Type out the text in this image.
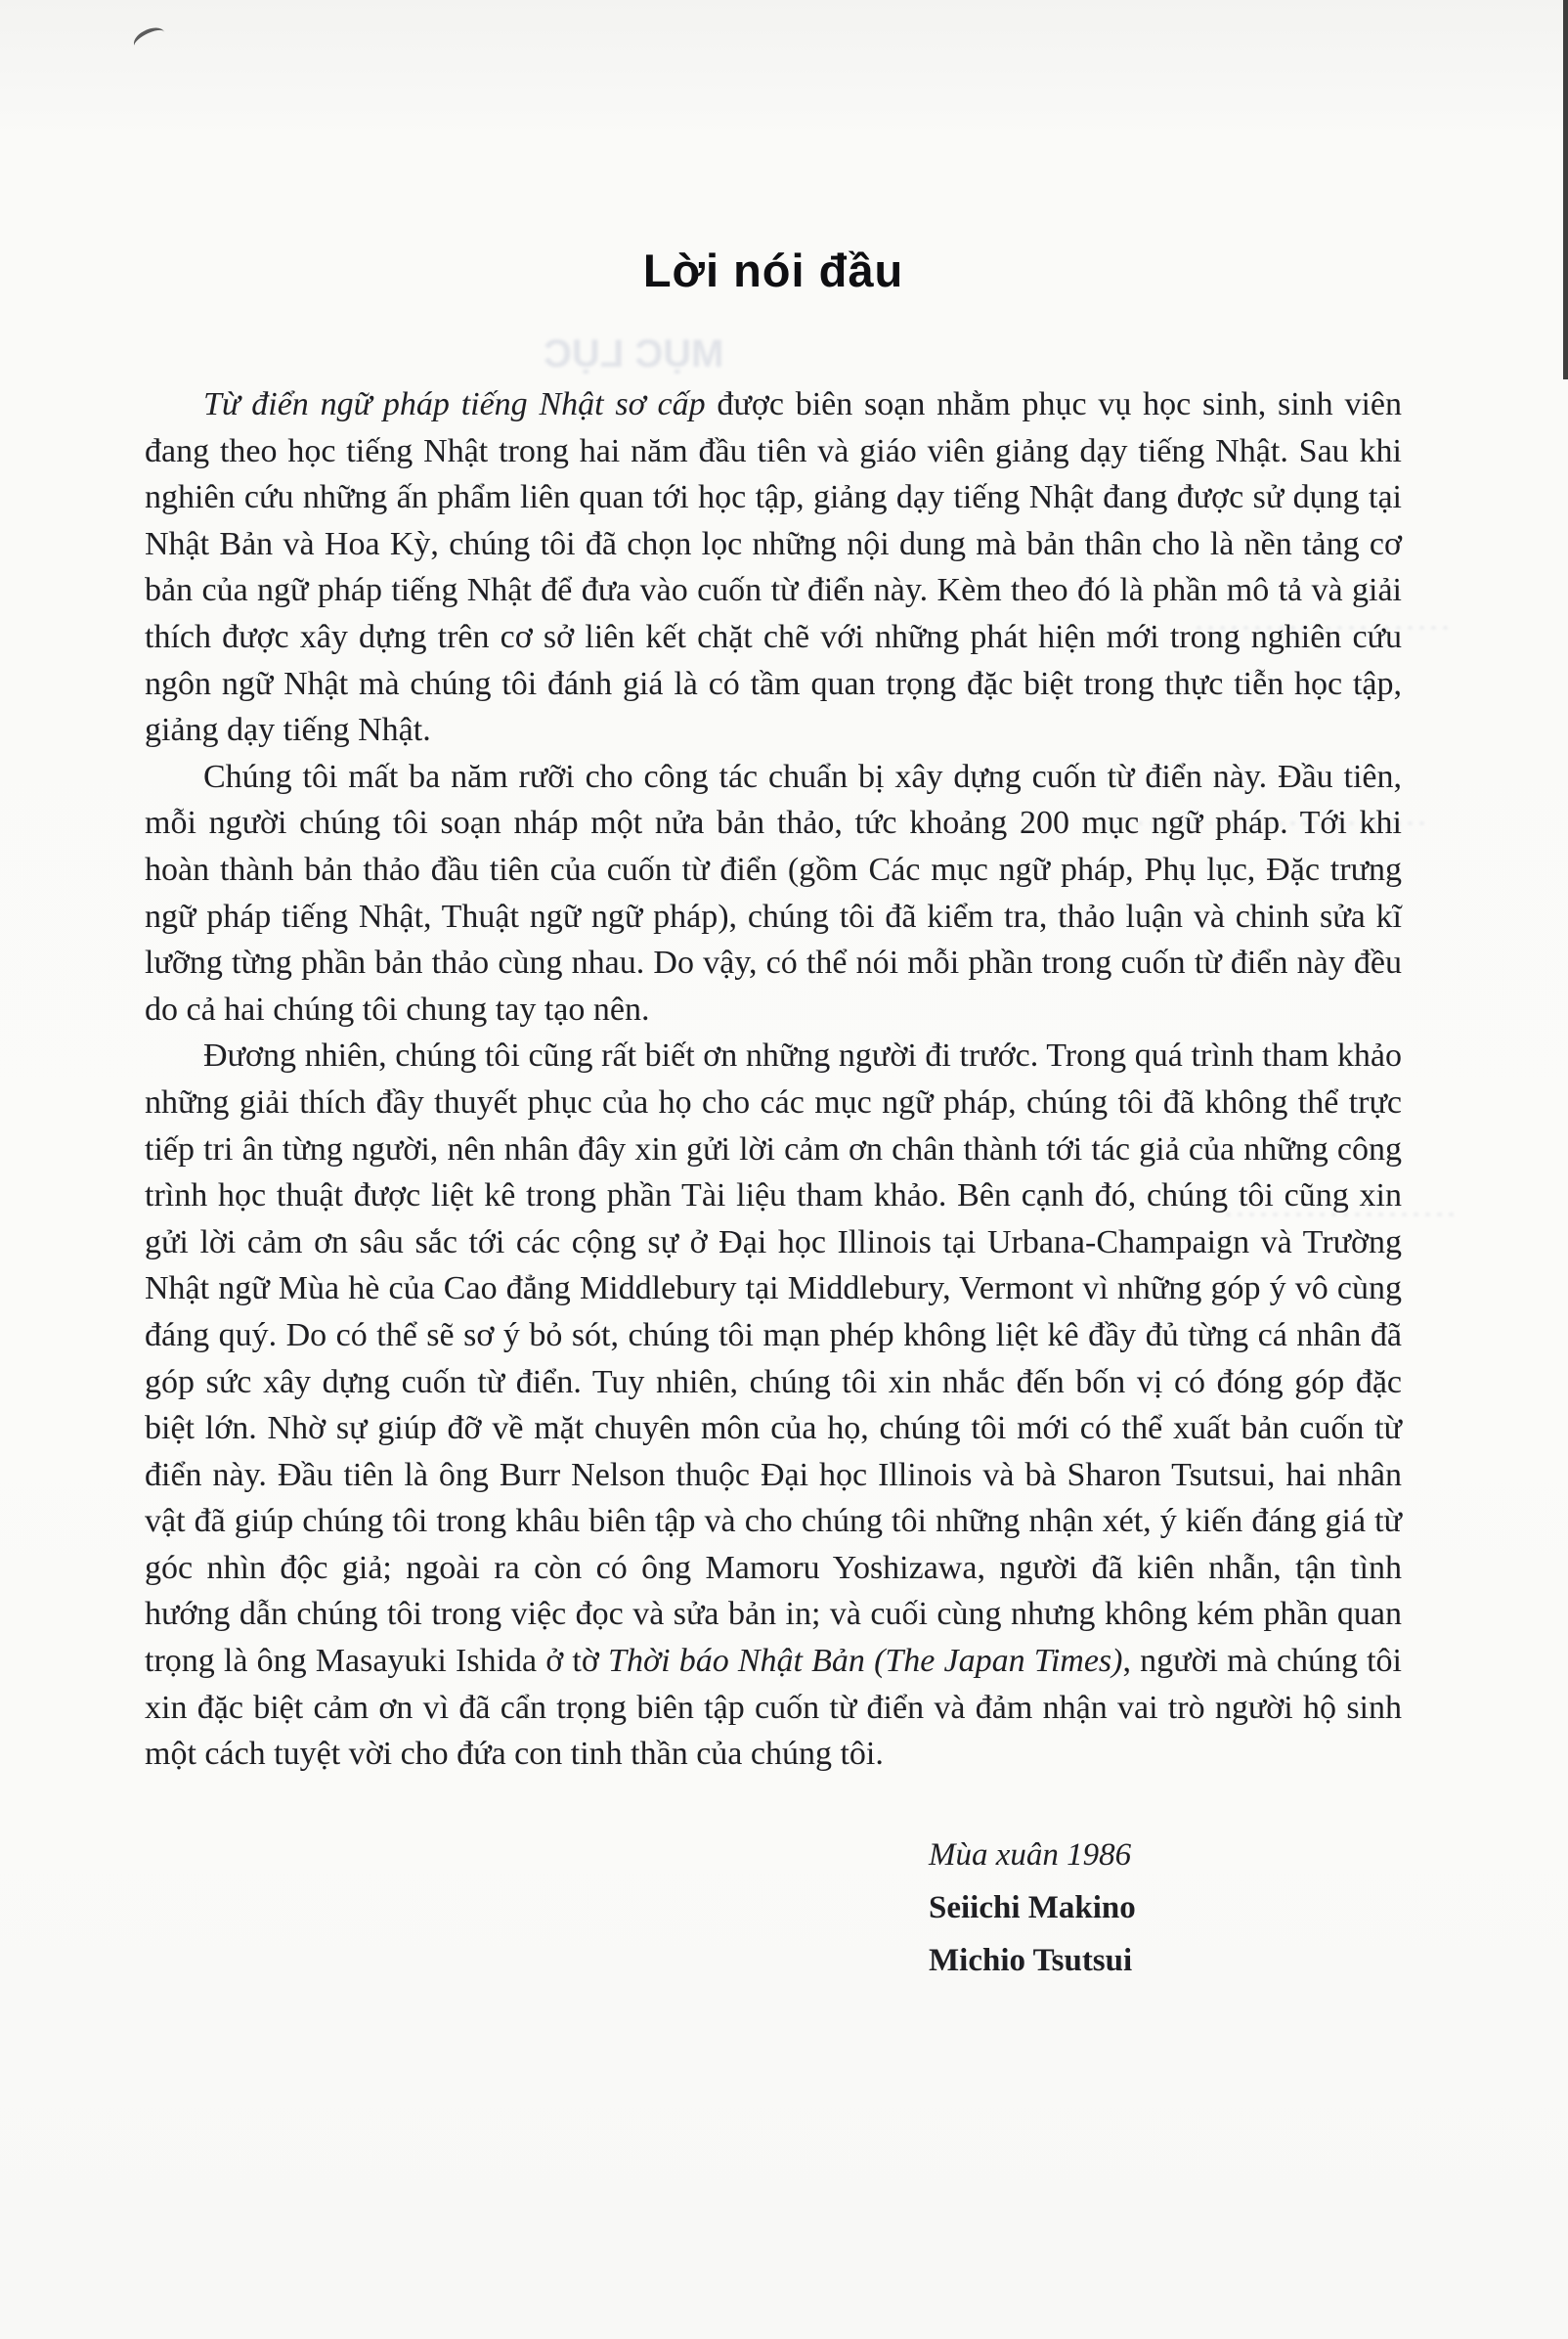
MỤC LỤC
Lời nói đầu

Từ điển ngữ pháp tiếng Nhật sơ cấp được biên soạn nhằm phục vụ học sinh, sinh viên đang theo học tiếng Nhật trong hai năm đầu tiên và giáo viên giảng dạy tiếng Nhật. Sau khi nghiên cứu những ấn phẩm liên quan tới học tập, giảng dạy tiếng Nhật đang được sử dụng tại Nhật Bản và Hoa Kỳ, chúng tôi đã chọn lọc những nội dung mà bản thân cho là nền tảng cơ bản của ngữ pháp tiếng Nhật để đưa vào cuốn từ điển này. Kèm theo đó là phần mô tả và giải thích được xây dựng trên cơ sở liên kết chặt chẽ với những phát hiện mới trong nghiên cứu ngôn ngữ Nhật mà chúng tôi đánh giá là có tầm quan trọng đặc biệt trong thực tiễn học tập, giảng dạy tiếng Nhật.

Chúng tôi mất ba năm rưỡi cho công tác chuẩn bị xây dựng cuốn từ điển này. Đầu tiên, mỗi người chúng tôi soạn nháp một nửa bản thảo, tức khoảng 200 mục ngữ pháp. Tới khi hoàn thành bản thảo đầu tiên của cuốn từ điển (gồm Các mục ngữ pháp, Phụ lục, Đặc trưng ngữ pháp tiếng Nhật, Thuật ngữ ngữ pháp), chúng tôi đã kiểm tra, thảo luận và chinh sửa kĩ lưỡng từng phần bản thảo cùng nhau. Do vậy, có thể nói mỗi phần trong cuốn từ điển này đều do cả hai chúng tôi chung tay tạo nên.

Đương nhiên, chúng tôi cũng rất biết ơn những người đi trước. Trong quá trình tham khảo những giải thích đầy thuyết phục của họ cho các mục ngữ pháp, chúng tôi đã không thể trực tiếp tri ân từng người, nên nhân đây xin gửi lời cảm ơn chân thành tới tác giả của những công trình học thuật được liệt kê trong phần Tài liệu tham khảo. Bên cạnh đó, chúng tôi cũng xin gửi lời cảm ơn sâu sắc tới các cộng sự ở Đại học Illinois tại Urbana-Champaign và Trường Nhật ngữ Mùa hè của Cao đẳng Middlebury tại Middlebury, Vermont vì những góp ý vô cùng đáng quý. Do có thể sẽ sơ ý bỏ sót, chúng tôi mạn phép không liệt kê đầy đủ từng cá nhân đã góp sức xây dựng cuốn từ điển. Tuy nhiên, chúng tôi xin nhắc đến bốn vị có đóng góp đặc biệt lớn. Nhờ sự giúp đỡ về mặt chuyên môn của họ, chúng tôi mới có thể xuất bản cuốn từ điển này. Đầu tiên là ông Burr Nelson thuộc Đại học Illinois và bà Sharon Tsutsui, hai nhân vật đã giúp chúng tôi trong khâu biên tập và cho chúng tôi những nhận xét, ý kiến đáng giá từ góc nhìn độc giả; ngoài ra còn có ông Mamoru Yoshizawa, người đã kiên nhẫn, tận tình hướng dẫn chúng tôi trong việc đọc và sửa bản in; và cuối cùng nhưng không kém phần quan trọng là ông Masayuki Ishida ở tờ Thời báo Nhật Bản (The Japan Times), người mà chúng tôi xin đặc biệt cảm ơn vì đã cẩn trọng biên tập cuốn từ điển và đảm nhận vai trò người hộ sinh một cách tuyệt vời cho đứa con tinh thần của chúng tôi.

Mùa xuân 1986
Seiichi Makino
Michio Tsutsui
